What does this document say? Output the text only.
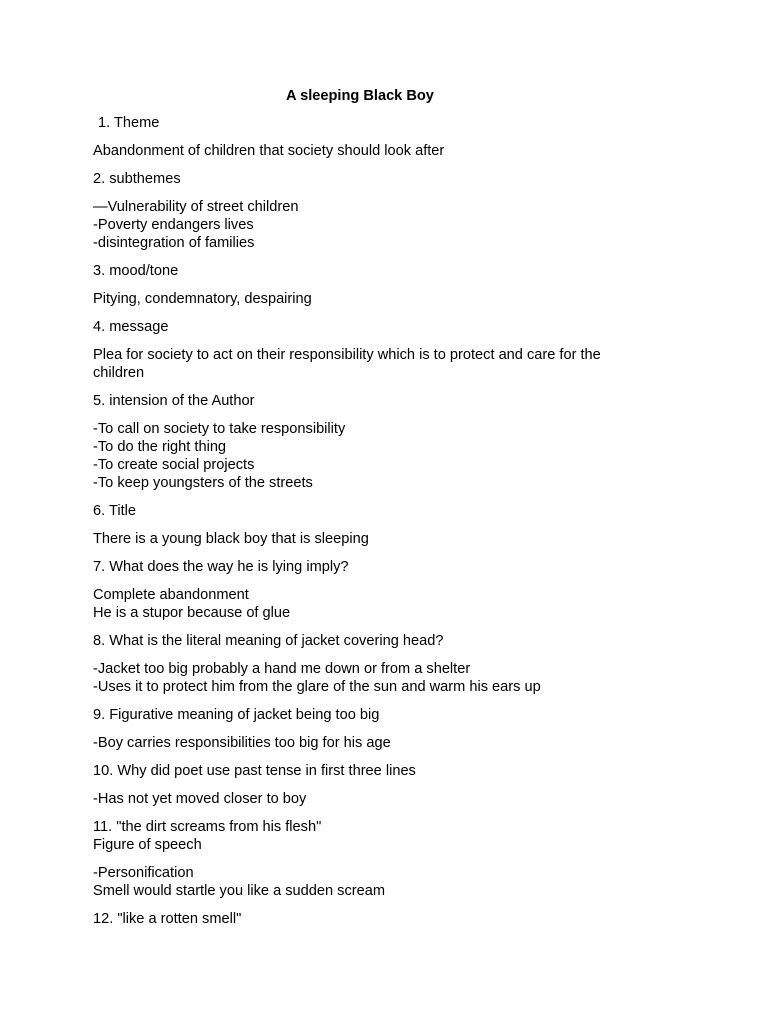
A sleeping Black Boy

1. Theme

Abandonment of children that society should look after

2. subthemes

—Vulnerability of street children

-Poverty endangers lives

-disintegration of families

3. mood/tone

Pitying, condemnatory, despairing

4. message

Plea for society to act on their responsibility which is to protect and care for the

children

5. intension of the Author

-To call on society to take responsibility

-To do the right thing

-To create social projects

-To keep youngsters of the streets

6. Title

There is a young black boy that is sleeping

7. What does the way he is lying imply?

Complete abandonment

He is a stupor because of glue

8. What is the literal meaning of jacket covering head?

-Jacket too big probably a hand me down or from a shelter

-Uses it to protect him from the glare of the sun and warm his ears up

9. Figurative meaning of jacket being too big

-Boy carries responsibilities too big for his age

10. Why did poet use past tense in first three lines

-Has not yet moved closer to boy

11. "the dirt screams from his flesh"

Figure of speech

-Personification

Smell would startle you like a sudden scream

12. "like a rotten smell"
